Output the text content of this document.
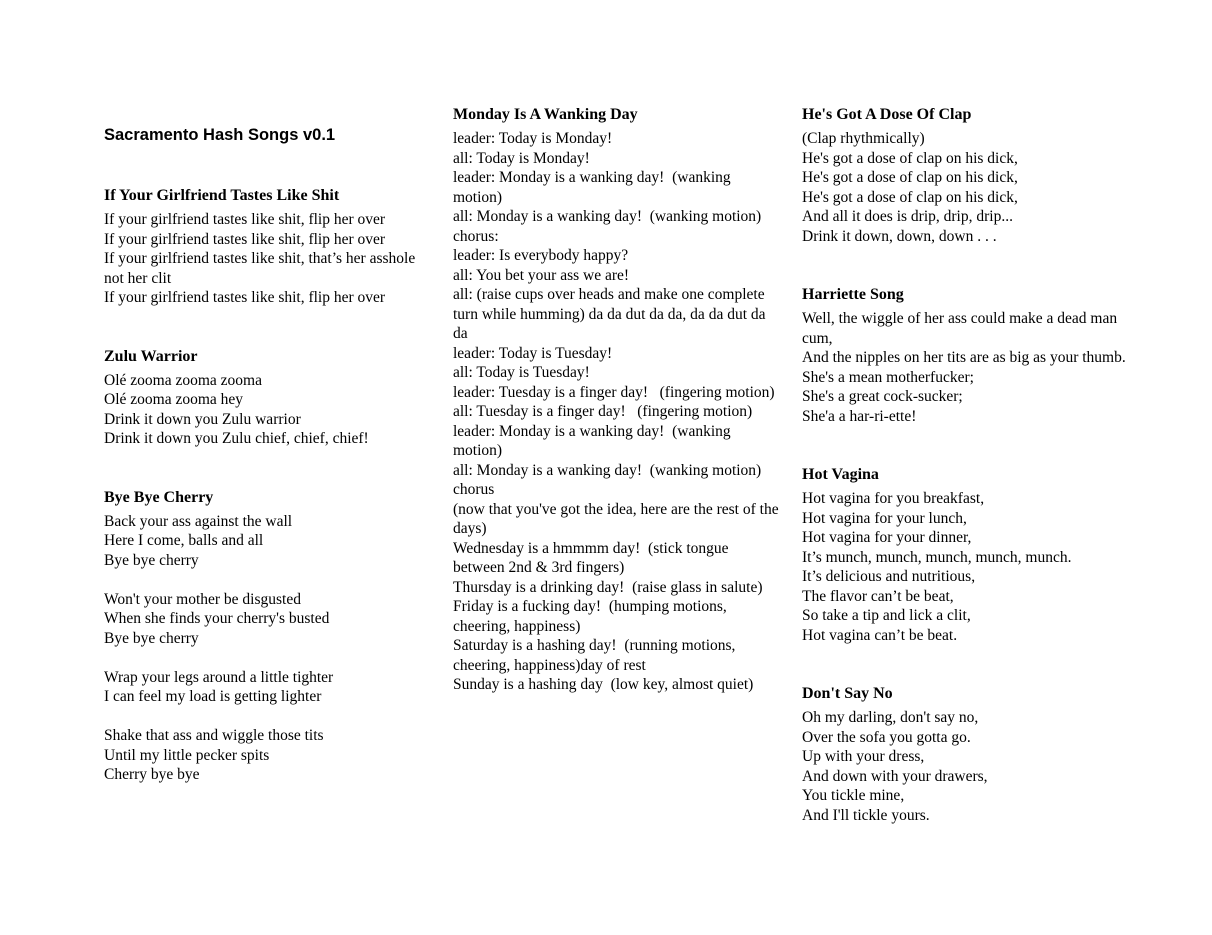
Sacramento Hash Songs v0.1
If Your Girlfriend Tastes Like Shit
If your girlfriend tastes like shit, flip her over
If your girlfriend tastes like shit, flip her over
If your girlfriend tastes like shit, that’s her asshole not her clit
If your girlfriend tastes like shit, flip her over
Zulu Warrior
Olé zooma zooma zooma
Olé zooma zooma hey
Drink it down you Zulu warrior
Drink it down you Zulu chief, chief, chief!
Bye Bye Cherry
Back your ass against the wall
Here I come, balls and all
Bye bye cherry
Won't your mother be disgusted
When she finds your cherry's busted
Bye bye cherry
Wrap your legs around a little tighter
I can feel my load is getting lighter
Shake that ass and wiggle those tits
Until my little pecker spits
Cherry bye bye
Monday Is A Wanking Day
leader: Today is Monday!
all: Today is Monday!
leader: Monday is a wanking day!  (wanking motion)
all: Monday is a wanking day!  (wanking motion)
chorus:
leader: Is everybody happy?
all: You bet your ass we are!
all: (raise cups over heads and make one complete turn while humming) da da dut da da, da da dut da da
leader: Today is Tuesday!
all: Today is Tuesday!
leader: Tuesday is a finger day!   (fingering motion)
all: Tuesday is a finger day!   (fingering motion)
leader: Monday is a wanking day!  (wanking motion)
all: Monday is a wanking day!  (wanking motion)
chorus
(now that you've got the idea, here are the rest of the days)
Wednesday is a hmmmm day!  (stick tongue between 2nd & 3rd fingers)
Thursday is a drinking day!  (raise glass in salute)
Friday is a fucking day!  (humping motions, cheering, happiness)
Saturday is a hashing day!  (running motions, cheering, happiness)day of rest
Sunday is a hashing day  (low key, almost quiet)
He's Got A Dose Of Clap
(Clap rhythmically)
He's got a dose of clap on his dick,
He's got a dose of clap on his dick,
He's got a dose of clap on his dick,
And all it does is drip, drip, drip...
Drink it down, down, down . . .
Harriette Song
Well, the wiggle of her ass could make a dead man cum,
And the nipples on her tits are as big as your thumb.
She's a mean motherfucker;
She's a great cock-sucker;
She'a a har-ri-ette!
Hot Vagina
Hot vagina for you breakfast,
Hot vagina for your lunch,
Hot vagina for your dinner,
It’s munch, munch, munch, munch, munch.
It’s delicious and nutritious,
The flavor can’t be beat,
So take a tip and lick a clit,
Hot vagina can’t be beat.
Don't Say No
Oh my darling, don't say no,
Over the sofa you gotta go.
Up with your dress,
And down with your drawers,
You tickle mine,
And I'll tickle yours.
